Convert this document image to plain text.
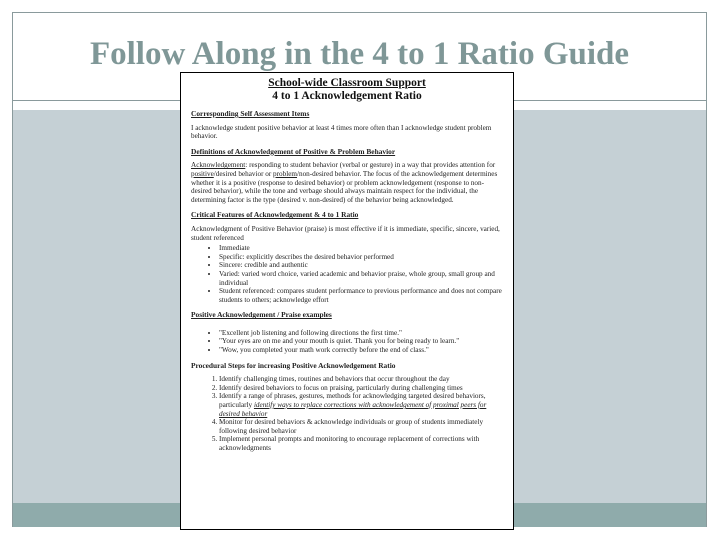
Follow Along in the 4 to 1 Ratio Guide
School-wide Classroom Support
4 to 1 Acknowledgement Ratio
Corresponding Self Assessment Items

I acknowledge student positive behavior at least 4 times more often than I acknowledge student problem behavior.

Definitions of Acknowledgement of Positive & Problem Behavior

Acknowledgement: responding to student behavior (verbal or gesture) in a way that provides attention for positive/desired behavior or problem/non-desired behavior. The focus of the acknowledgement determines whether it is a positive (response to desired behavior) or problem acknowledgement (response to non-desired behavior), while the tone and verbage should always maintain respect for the individual, the determining factor is the type (desired v. non-desired) of the behavior being acknowledged.

Critical Features of Acknowledgement & 4 to 1 Ratio

Acknowledgment of Positive Behavior (praise) is most effective if it is immediate, specific, sincere, varied, student referenced

• Immediate
• Specific: explicitly describes the desired behavior performed
• Sincere: credible and authentic
• Varied: varied word choice, varied academic and behavior praise, whole group, small group and individual
• Student referenced: compares student performance to previous performance and does not compare students to others; acknowledge effort
Positive Acknowledgement / Praise examples
• "Excellent job listening and following directions the first time."
• "Your eyes are on me and your mouth is quiet. Thank you for being ready to learn."
• "Wow, you completed your math work correctly before the end of class."
Procedural Steps for increasing Positive Acknowledgement Ratio
1. Identify challenging times, routines and behaviors that occur throughout the day
2. Identify desired behaviors to focus on praising, particularly during challenging times
3. Identify a range of phrases, gestures, methods for acknowledging targeted desired behaviors, particularly identify ways to replace corrections with acknowledgement of proximal peers for desired behavior
4. Monitor for desired behaviors & acknowledge individuals or group of students immediately following desired behavior
5. Implement personal prompts and monitoring to encourage replacement of corrections with acknowledgments
